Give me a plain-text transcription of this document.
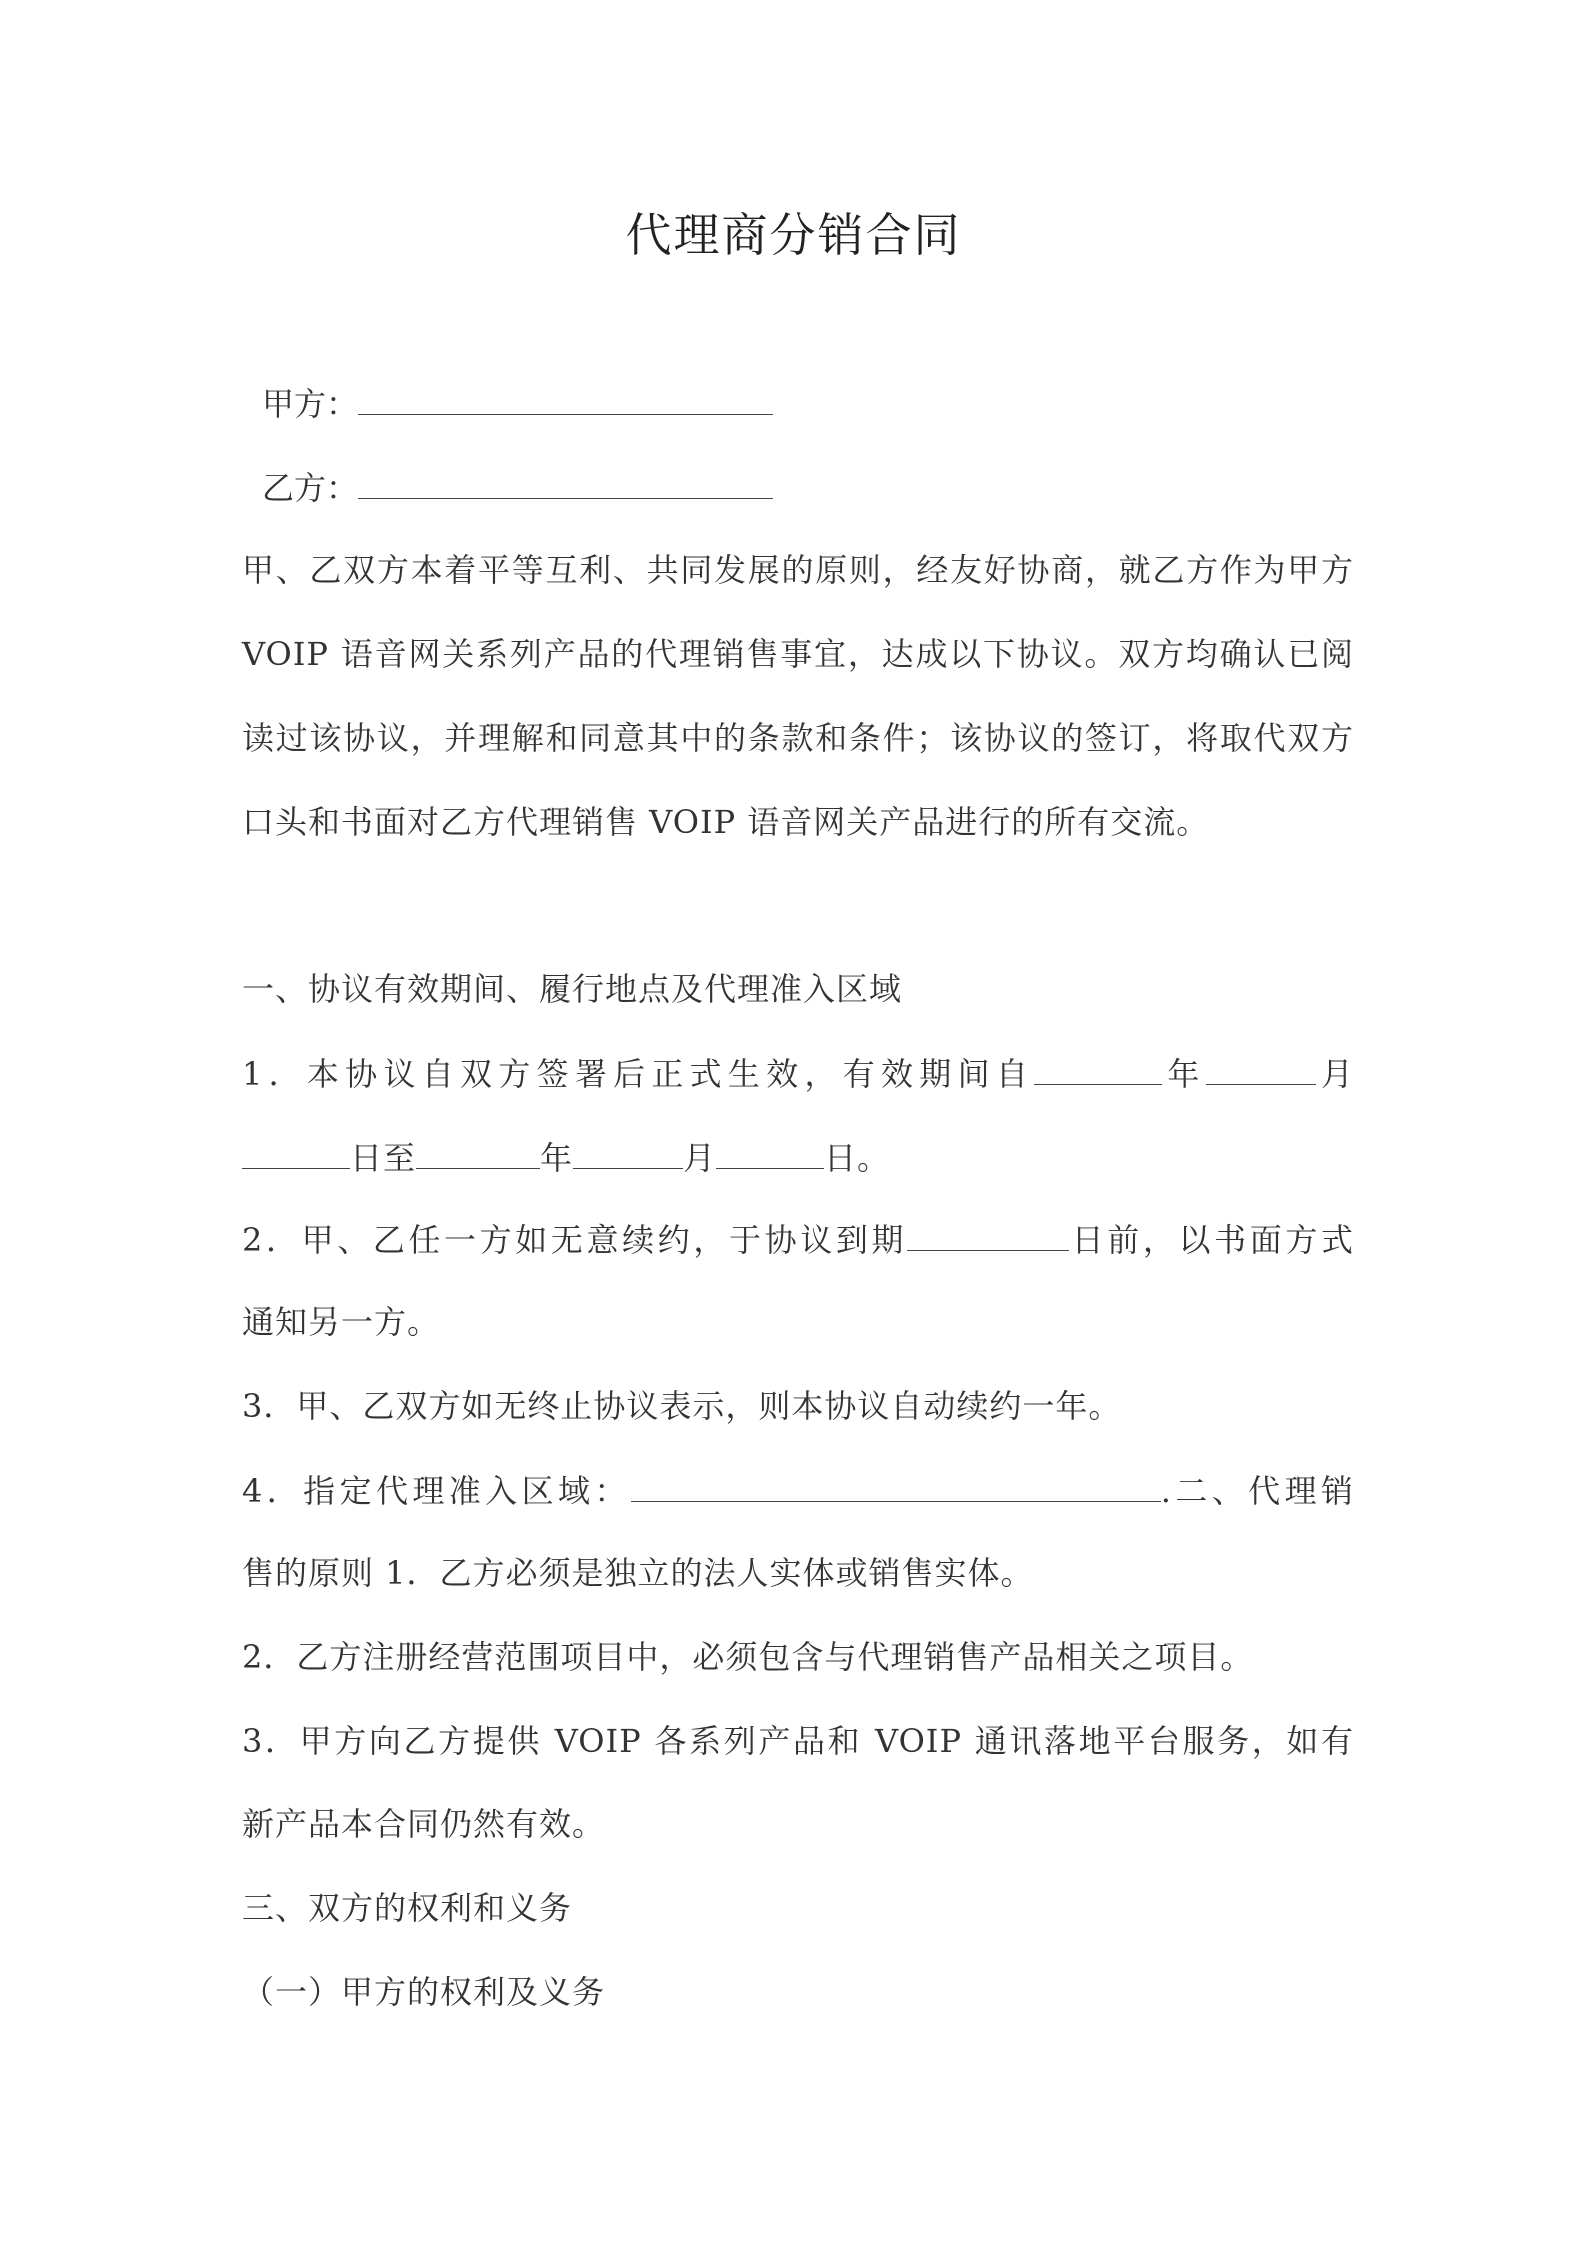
代理商分销合同
甲方：
乙方：
甲、乙双方本着平等互利、共同发展的原则，经友好协商，就乙方作为甲方 VOIP 语音网关系列产品的代理销售事宜，达成以下协议。双方均确认已阅读过该协议，并理解和同意其中的条款和条件；该协议的签订，将取代双方口头和书面对乙方代理销售 VOIP 语音网关产品进行的所有交流。
一、协议有效期间、履行地点及代理准入区域
1．本协议自双方签署后正式生效，有效期间自	年	月
日至	年	月	日。
2．甲、乙任一方如无意续约，于协议到期	日前，以书面方式
通知另一方。
3．甲、乙双方如无终止协议表示，则本协议自动续约一年。
4．指定代理准入区域：	.二、代理销
售的原则 1．乙方必须是独立的法人实体或销售实体。
2．乙方注册经营范围项目中，必须包含与代理销售产品相关之项目。
3．甲方向乙方提供 VOIP 各系列产品和 VOIP 通讯落地平台服务，如有
新产品本合同仍然有效。
三、双方的权利和义务
（一）甲方的权利及义务
